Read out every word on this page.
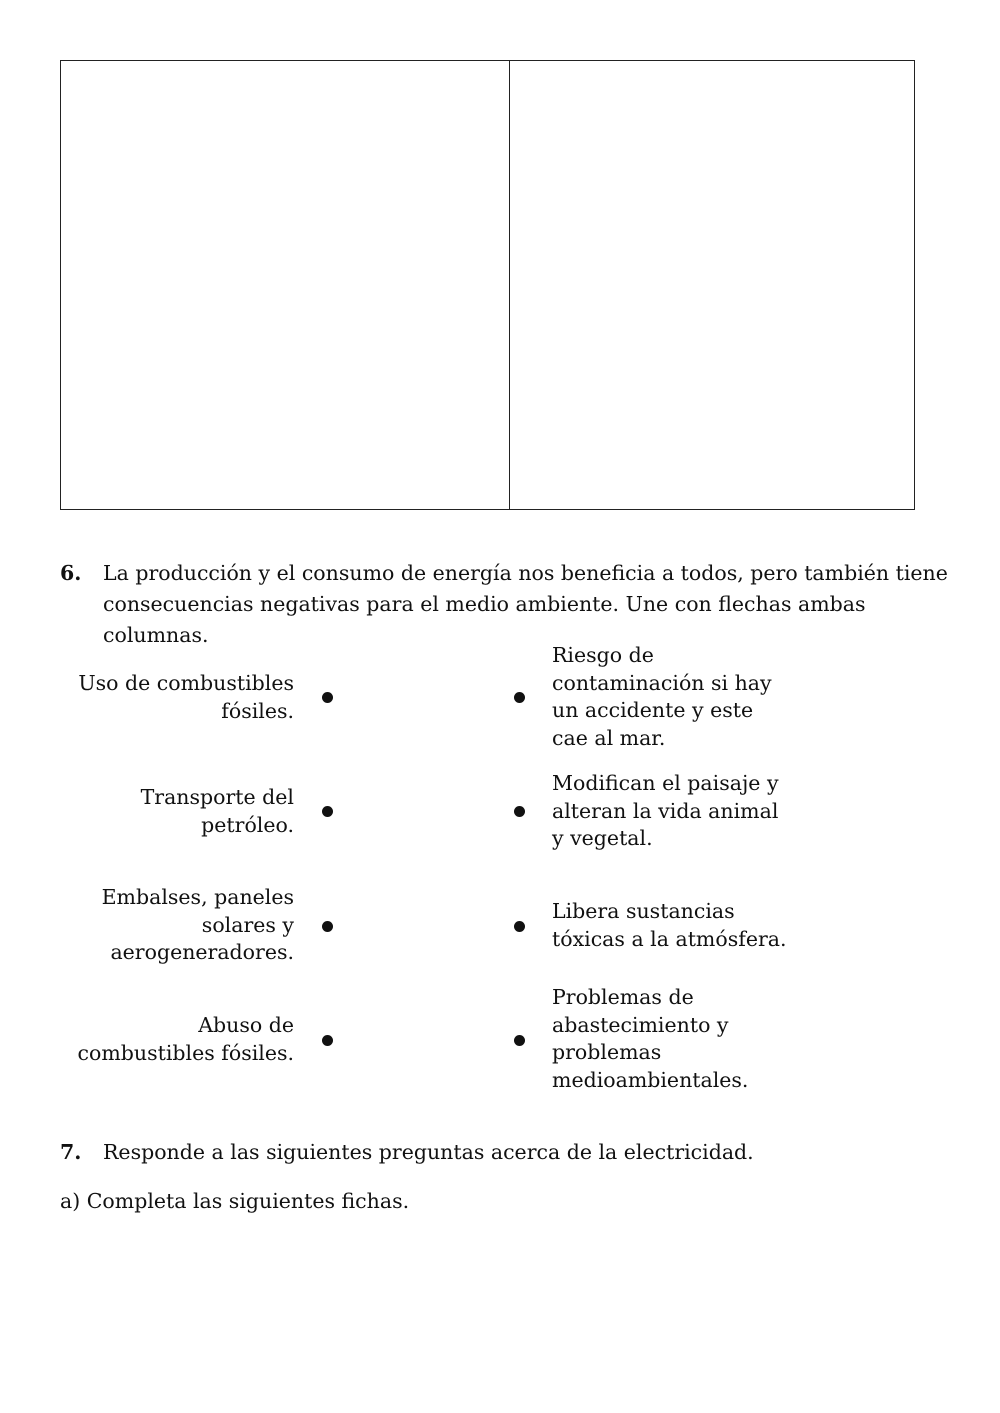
6. La producción y el consumo de energía nos beneficia a todos, pero también tiene consecuencias negativas para el medio ambiente. Une con flechas ambas columnas.
Uso de combustibles fósiles.
Transporte del petróleo.
Embalses, paneles solares y aerogeneradores.
Abuso de combustibles fósiles.
Riesgo de contaminación si hay un accidente y este cae al mar.
Modifican el paisaje y alteran la vida animal y vegetal.
Libera sustancias tóxicas a la atmósfera.
Problemas de abastecimiento y problemas medioambientales.
7. Responde a las siguientes preguntas acerca de la electricidad.
a) Completa las siguientes fichas.
